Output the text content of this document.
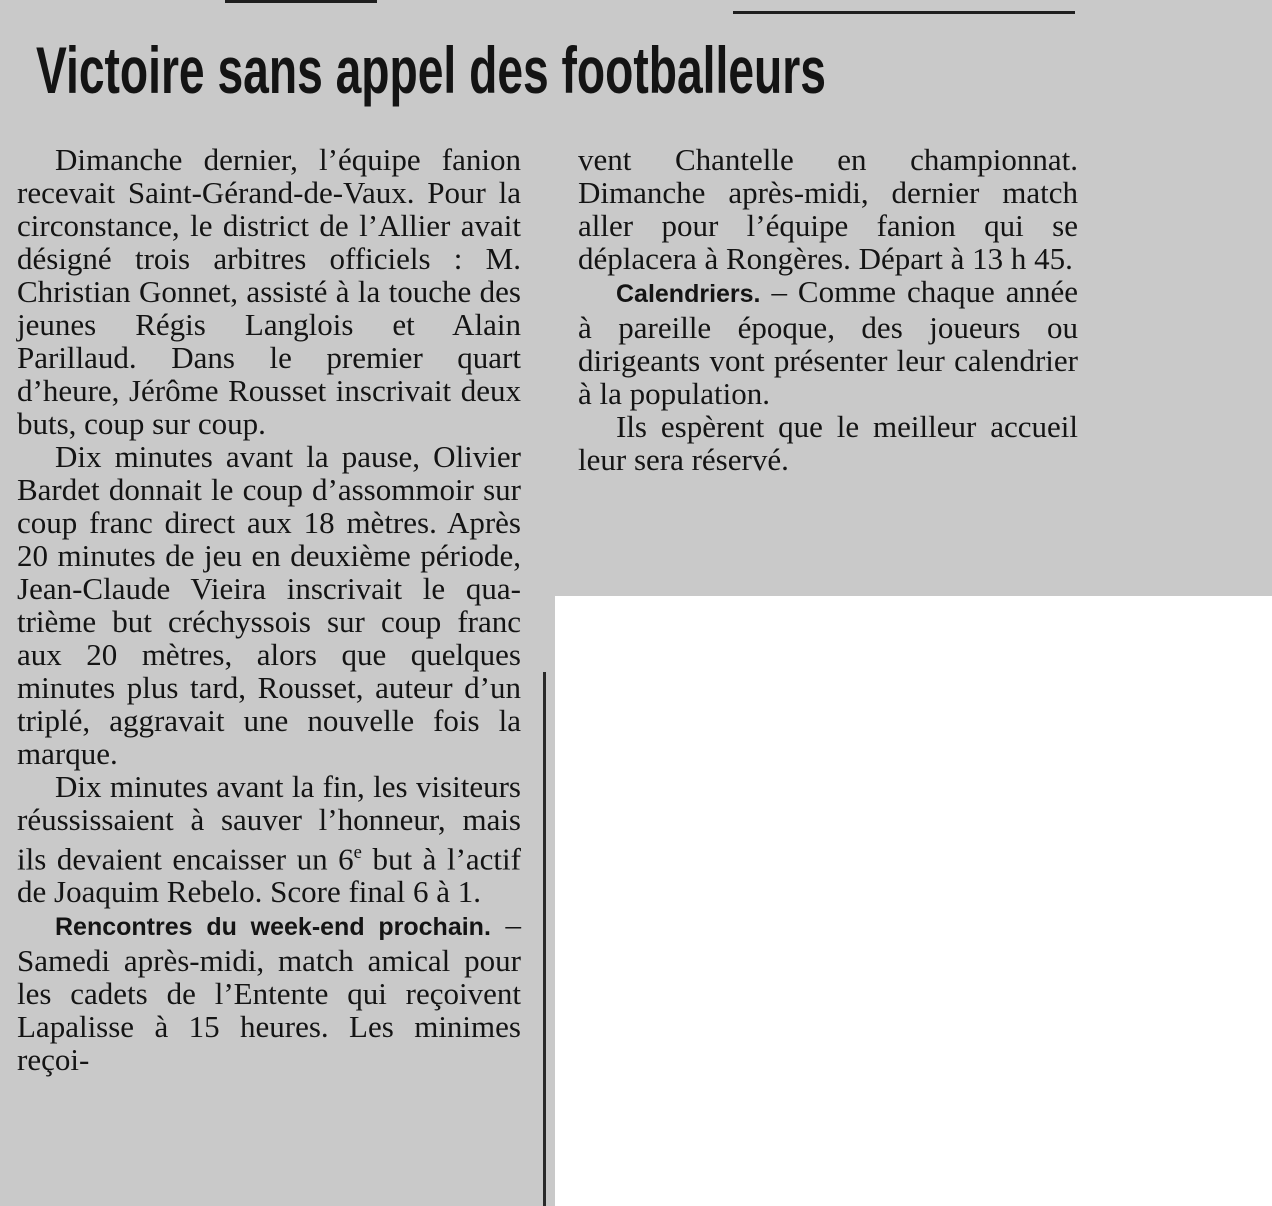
Victoire sans appel des footballeurs

Dimanche dernier, l’équipe fanion recevait Saint-Gérand-de-Vaux. Pour la circonstance, le district de l’Allier avait désigné trois arbitres officiels : M. Christian Gonnet, assisté à la touche des jeunes Régis Langlois et Alain Parillaud. Dans le premier quart d’heure, Jérôme Rousset inscrivait deux buts, coup sur coup.

Dix minutes avant la pause, Olivier Bardet donnait le coup d’assommoir sur coup franc direct aux 18 mètres. Après 20 minutes de jeu en deuxième période, Jean-Claude Vieira inscrivait le quatrième but créchyssois sur coup franc aux 20 mètres, alors que quelques minutes plus tard, Rousset, auteur d’un triplé, aggravait une nouvelle fois la marque.

Dix minutes avant la fin, les visiteurs réussissaient à sauver l’honneur, mais ils devaient encaisser un 6e but à l’actif de Joaquim Rebelo. Score final 6 à 1.

Rencontres du week-end prochain. – Samedi après-midi, match amical pour les cadets de l’Entente qui reçoivent Lapalisse à 15 heures. Les minimes reçoi-

vent Chantelle en championnat. Dimanche après-midi, dernier match aller pour l’équipe fanion qui se déplacera à Rongères. Départ à 13 h 45.

Calendriers. – Comme chaque année à pareille époque, des joueurs ou dirigeants vont présenter leur calendrier à la population.

Ils espèrent que le meilleur accueil leur sera réservé.
